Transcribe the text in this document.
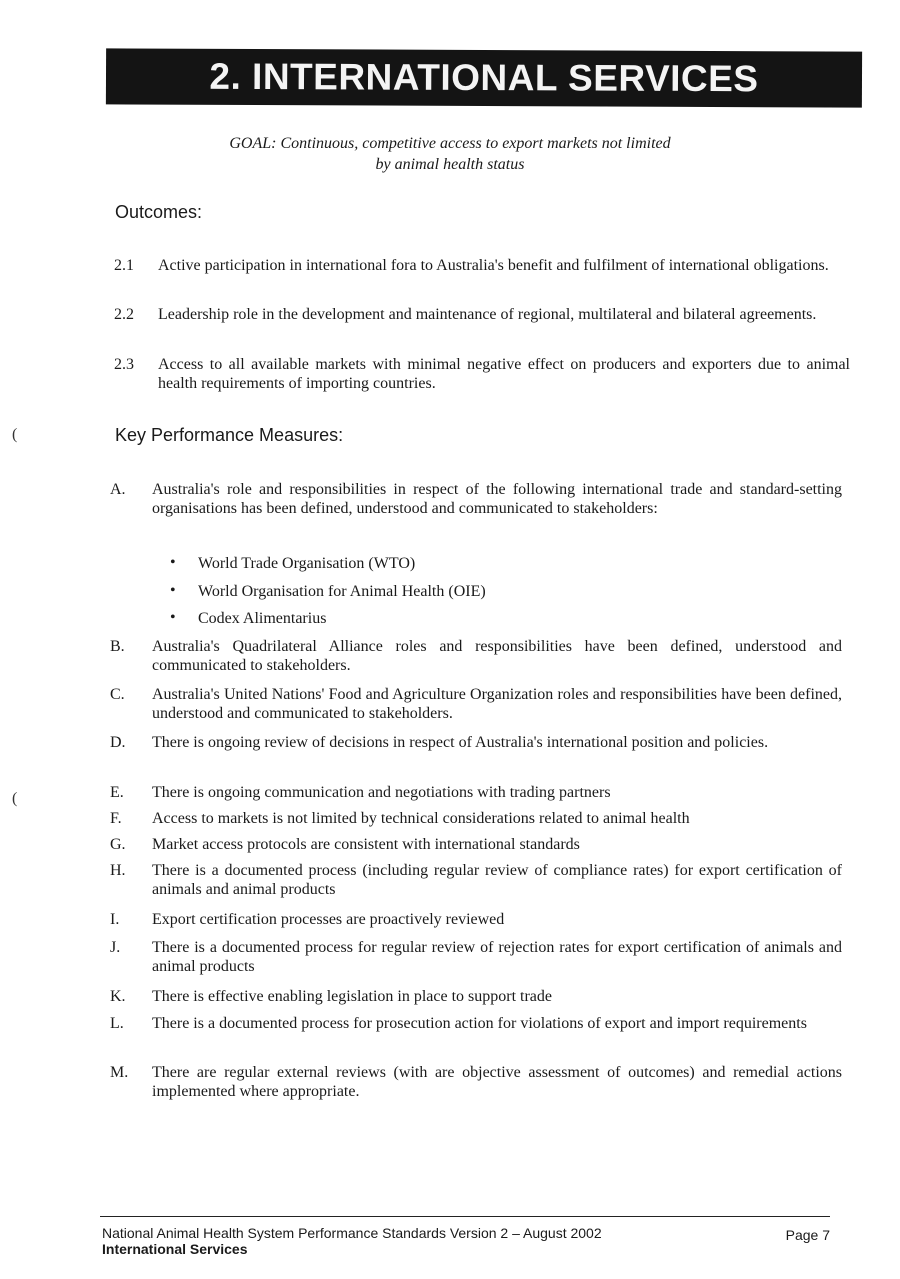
2. INTERNATIONAL SERVICES
GOAL: Continuous, competitive access to export markets not limited
by animal health status
Outcomes:
2.1 Active participation in international fora to Australia's benefit and fulfilment of international obligations.
2.2 Leadership role in the development and maintenance of regional, multilateral and bilateral agreements.
2.3 Access to all available markets with minimal negative effect on producers and exporters due to animal health requirements of importing countries.
(	Key Performance Measures:
A. Australia's role and responsibilities in respect of the following international trade and standard-setting organisations has been defined, understood and communicated to stakeholders:
• World Trade Organisation (WTO)
• World Organisation for Animal Health (OIE)
• Codex Alimentarius
B. Australia's Quadrilateral Alliance roles and responsibilities have been defined, understood and communicated to stakeholders.
C. Australia's United Nations' Food and Agriculture Organization roles and responsibilities have been defined, understood and communicated to stakeholders.
D. There is ongoing review of decisions in respect of Australia's international position and policies.
(	E. There is ongoing communication and negotiations with trading partners
F. Access to markets is not limited by technical considerations related to animal health
G. Market access protocols are consistent with international standards
H. There is a documented process (including regular review of compliance rates) for export certification of animals and animal products
I. Export certification processes are proactively reviewed
J. There is a documented process for regular review of rejection rates for export certification of animals and animal products
K. There is effective enabling legislation in place to support trade
L. There is a documented process for prosecution action for violations of export and import requirements
M. There are regular external reviews (with are objective assessment of outcomes) and remedial actions implemented where appropriate.
National Animal Health System Performance Standards Version 2 – August 2002
International Services
Page 7
